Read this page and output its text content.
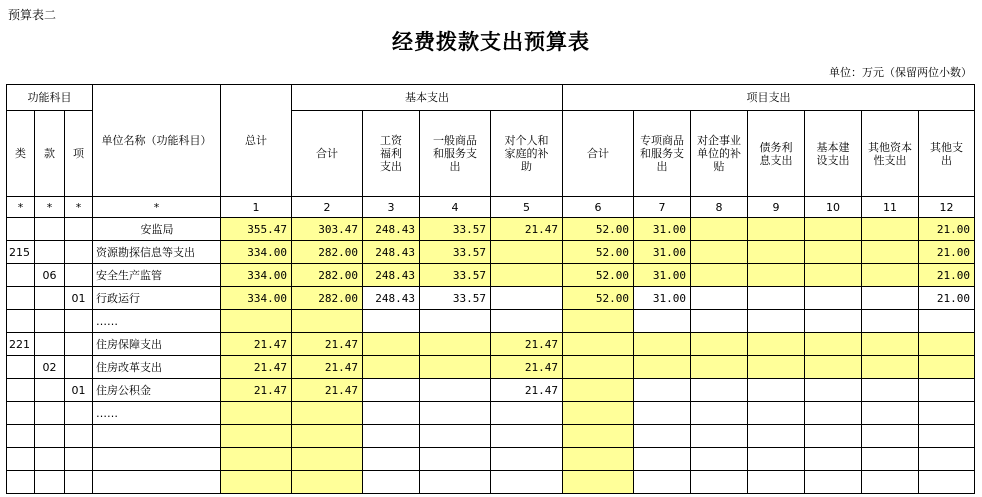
预算表二
经费拨款支出预算表
单位：万元（保留两位小数）
功能科目			单位名称（功能科目）	总计	基本支出				项目支出						
类	款	项			合计	工资福利支出	一般商品和服务支出	对个人和家庭的补助	合计	专项商品和服务支出	对企事业单位的补贴	债务利息支出	基本建设支出	其他资本性支出	其他支出
*	*	*	*	1	2	3	4	5	6	7	8	9	10	11	12
			安监局	355.47	303.47	248.43	33.57	21.47	52.00	31.00					21.00
215			资源勘探信息等支出	334.00	282.00	248.43	33.57		52.00	31.00					21.00
	06		安全生产监管	334.00	282.00	248.43	33.57		52.00	31.00					21.00
		01	行政运行	334.00	282.00	248.43	33.57		52.00	31.00					21.00
			……												
221			住房保障支出	21.47	21.47			21.47							
	02		住房改革支出	21.47	21.47			21.47							
		01	住房公积金	21.47	21.47			21.47							
			……												
